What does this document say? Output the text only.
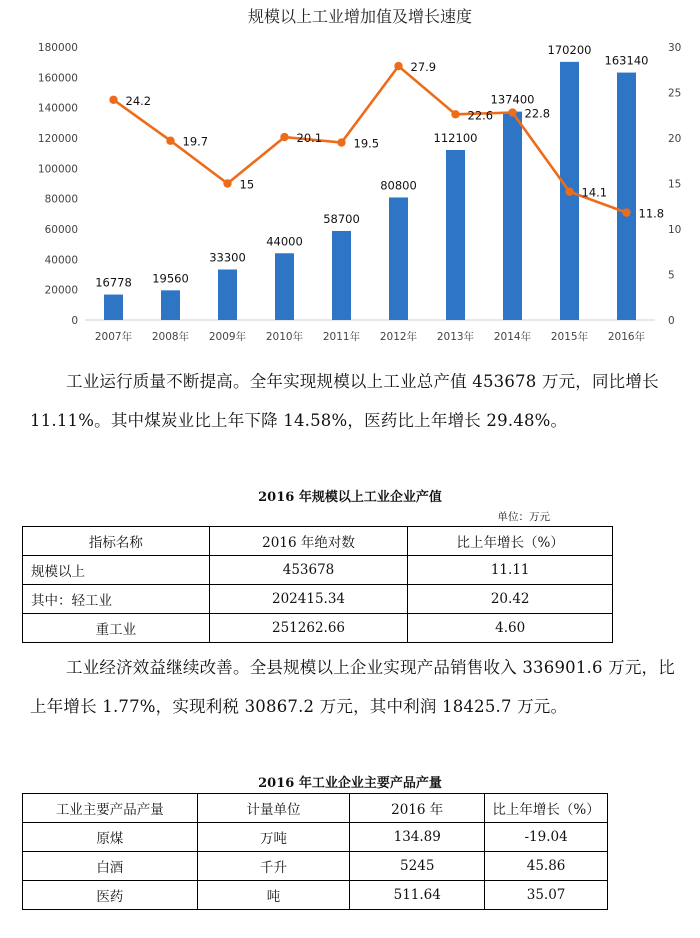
规模以上工业增加值及增长速度
0
20000
40000
60000
80000
100000
120000
140000
160000
180000
0
5
10
15
20
25
30
16778 19560
33300
44000
58700
80800
112100
137400
170200
163140
24.2
19.7
15
20.1	19.5
27.9
22.6	22.8
14.1
11.8
2007年 2008年 2009年 2010年 2011年 2012年 2013年 2014年 2015年 2016年

工业运行质量不断提高。全年实现规模以上工业总产值 453678 万元，同比增长 11.11%。其中煤炭业比上年下降 14.58%，医药比上年增长 29.48%。

2016 年规模以上工业企业产值

单位：万元

指标名称	2016 年绝对数	比上年增长（%）
规模以上	453678	11.11
其中：轻工业	202415.34	20.42
重工业	251262.66	4.60

工业经济效益继续改善。全县规模以上企业实现产品销售收入 336901.6 万元，比上年增长 1.77%，实现利税 30867.2 万元，其中利润 18425.7 万元。

2016 年工业企业主要产品产量

工业主要产品产量	计量单位	2016 年	比上年增长（%）
原煤	万吨	134.89	-19.04
白酒	千升	5245	45.86
医药	吨	511.64	35.07
